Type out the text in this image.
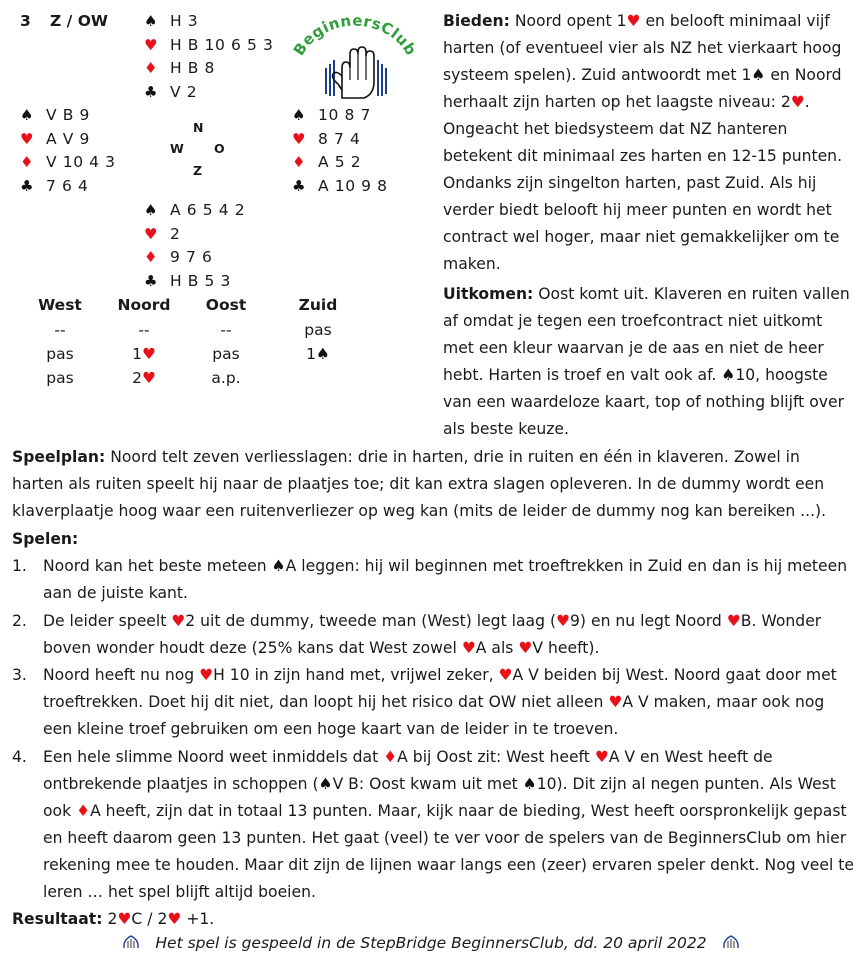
3 Z / OW ♠ H 3
♥ H B 10 6 5 3
♦ H B 8
♣ V 2
♠ V B 9
♥ A V 9
♦ V 10 4 3
♣ 7 6 4
N
W O
Z
♠ 10 8 7
♥ 8 7 4
♦ A 5 2
♣ A 10 9 8
♠ A 6 5 4 2
♥ 2
♦ 9 7 6
♣ H B 5 3
BeginnersClub
West	Noord	Oost	Zuid
--	--	--	pas
pas	1♥	pas	1♠
pas	2♥	a.p.
Bieden: Noord opent 1♥ en belooft minimaal vijf harten (of eventueel vier als NZ het vierkaart hoog systeem spelen). Zuid antwoordt met 1♠ en Noord herhaalt zijn harten op het laagste niveau: 2♥. Ongeacht het biedsysteem dat NZ hanteren betekent dit minimaal zes harten en 12-15 punten. Ondanks zijn singelton harten, past Zuid. Als hij verder biedt belooft hij meer punten en wordt het contract wel hoger, maar niet gemakkelijker om te maken.
Uitkomen: Oost komt uit. Klaveren en ruiten vallen af omdat je tegen een troefcontract niet uitkomt met een kleur waarvan je de aas en niet de heer hebt. Harten is troef en valt ook af. ♠10, hoogste van een waardeloze kaart, top of nothing blijft over als beste keuze.
Speelplan: Noord telt zeven verliesslagen: drie in harten, drie in ruiten en één in klaveren. Zowel in harten als ruiten speelt hij naar de plaatjes toe; dit kan extra slagen opleveren. In de dummy wordt een klaverplaatje hoog waar een ruitenverliezer op weg kan (mits de leider de dummy nog kan bereiken ...).
Spelen:
1.	Noord kan het beste meteen ♠A leggen: hij wil beginnen met troeftrekken in Zuid en dan is hij meteen aan de juiste kant.
2.	De leider speelt ♥2 uit de dummy, tweede man (West) legt laag (♥9) en nu legt Noord ♥B. Wonder boven wonder houdt deze (25% kans dat West zowel ♥A als ♥V heeft).
3.	Noord heeft nu nog ♥H 10 in zijn hand met, vrijwel zeker, ♥A V beiden bij West. Noord gaat door met troeftrekken. Doet hij dit niet, dan loopt hij het risico dat OW niet alleen ♥A V maken, maar ook nog een kleine troef gebruiken om een hoge kaart van de leider in te troeven.
4.	Een hele slimme Noord weet inmiddels dat ♦A bij Oost zit: West heeft ♥A V en West heeft de ontbrekende plaatjes in schoppen (♠V B: Oost kwam uit met ♠10). Dit zijn al negen punten. Als West ook ♦A heeft, zijn dat in totaal 13 punten. Maar, kijk naar de bieding, West heeft oorspronkelijk gepast en heeft daarom geen 13 punten. Het gaat (veel) te ver voor de spelers van de BeginnersClub om hier rekening mee te houden. Maar dit zijn de lijnen waar langs een (zeer) ervaren speler denkt. Nog veel te leren … het spel blijft altijd boeien.
Resultaat: 2♥C / 2♥ +1.
Het spel is gespeeld in de StepBridge BeginnersClub, dd. 20 april 2022
